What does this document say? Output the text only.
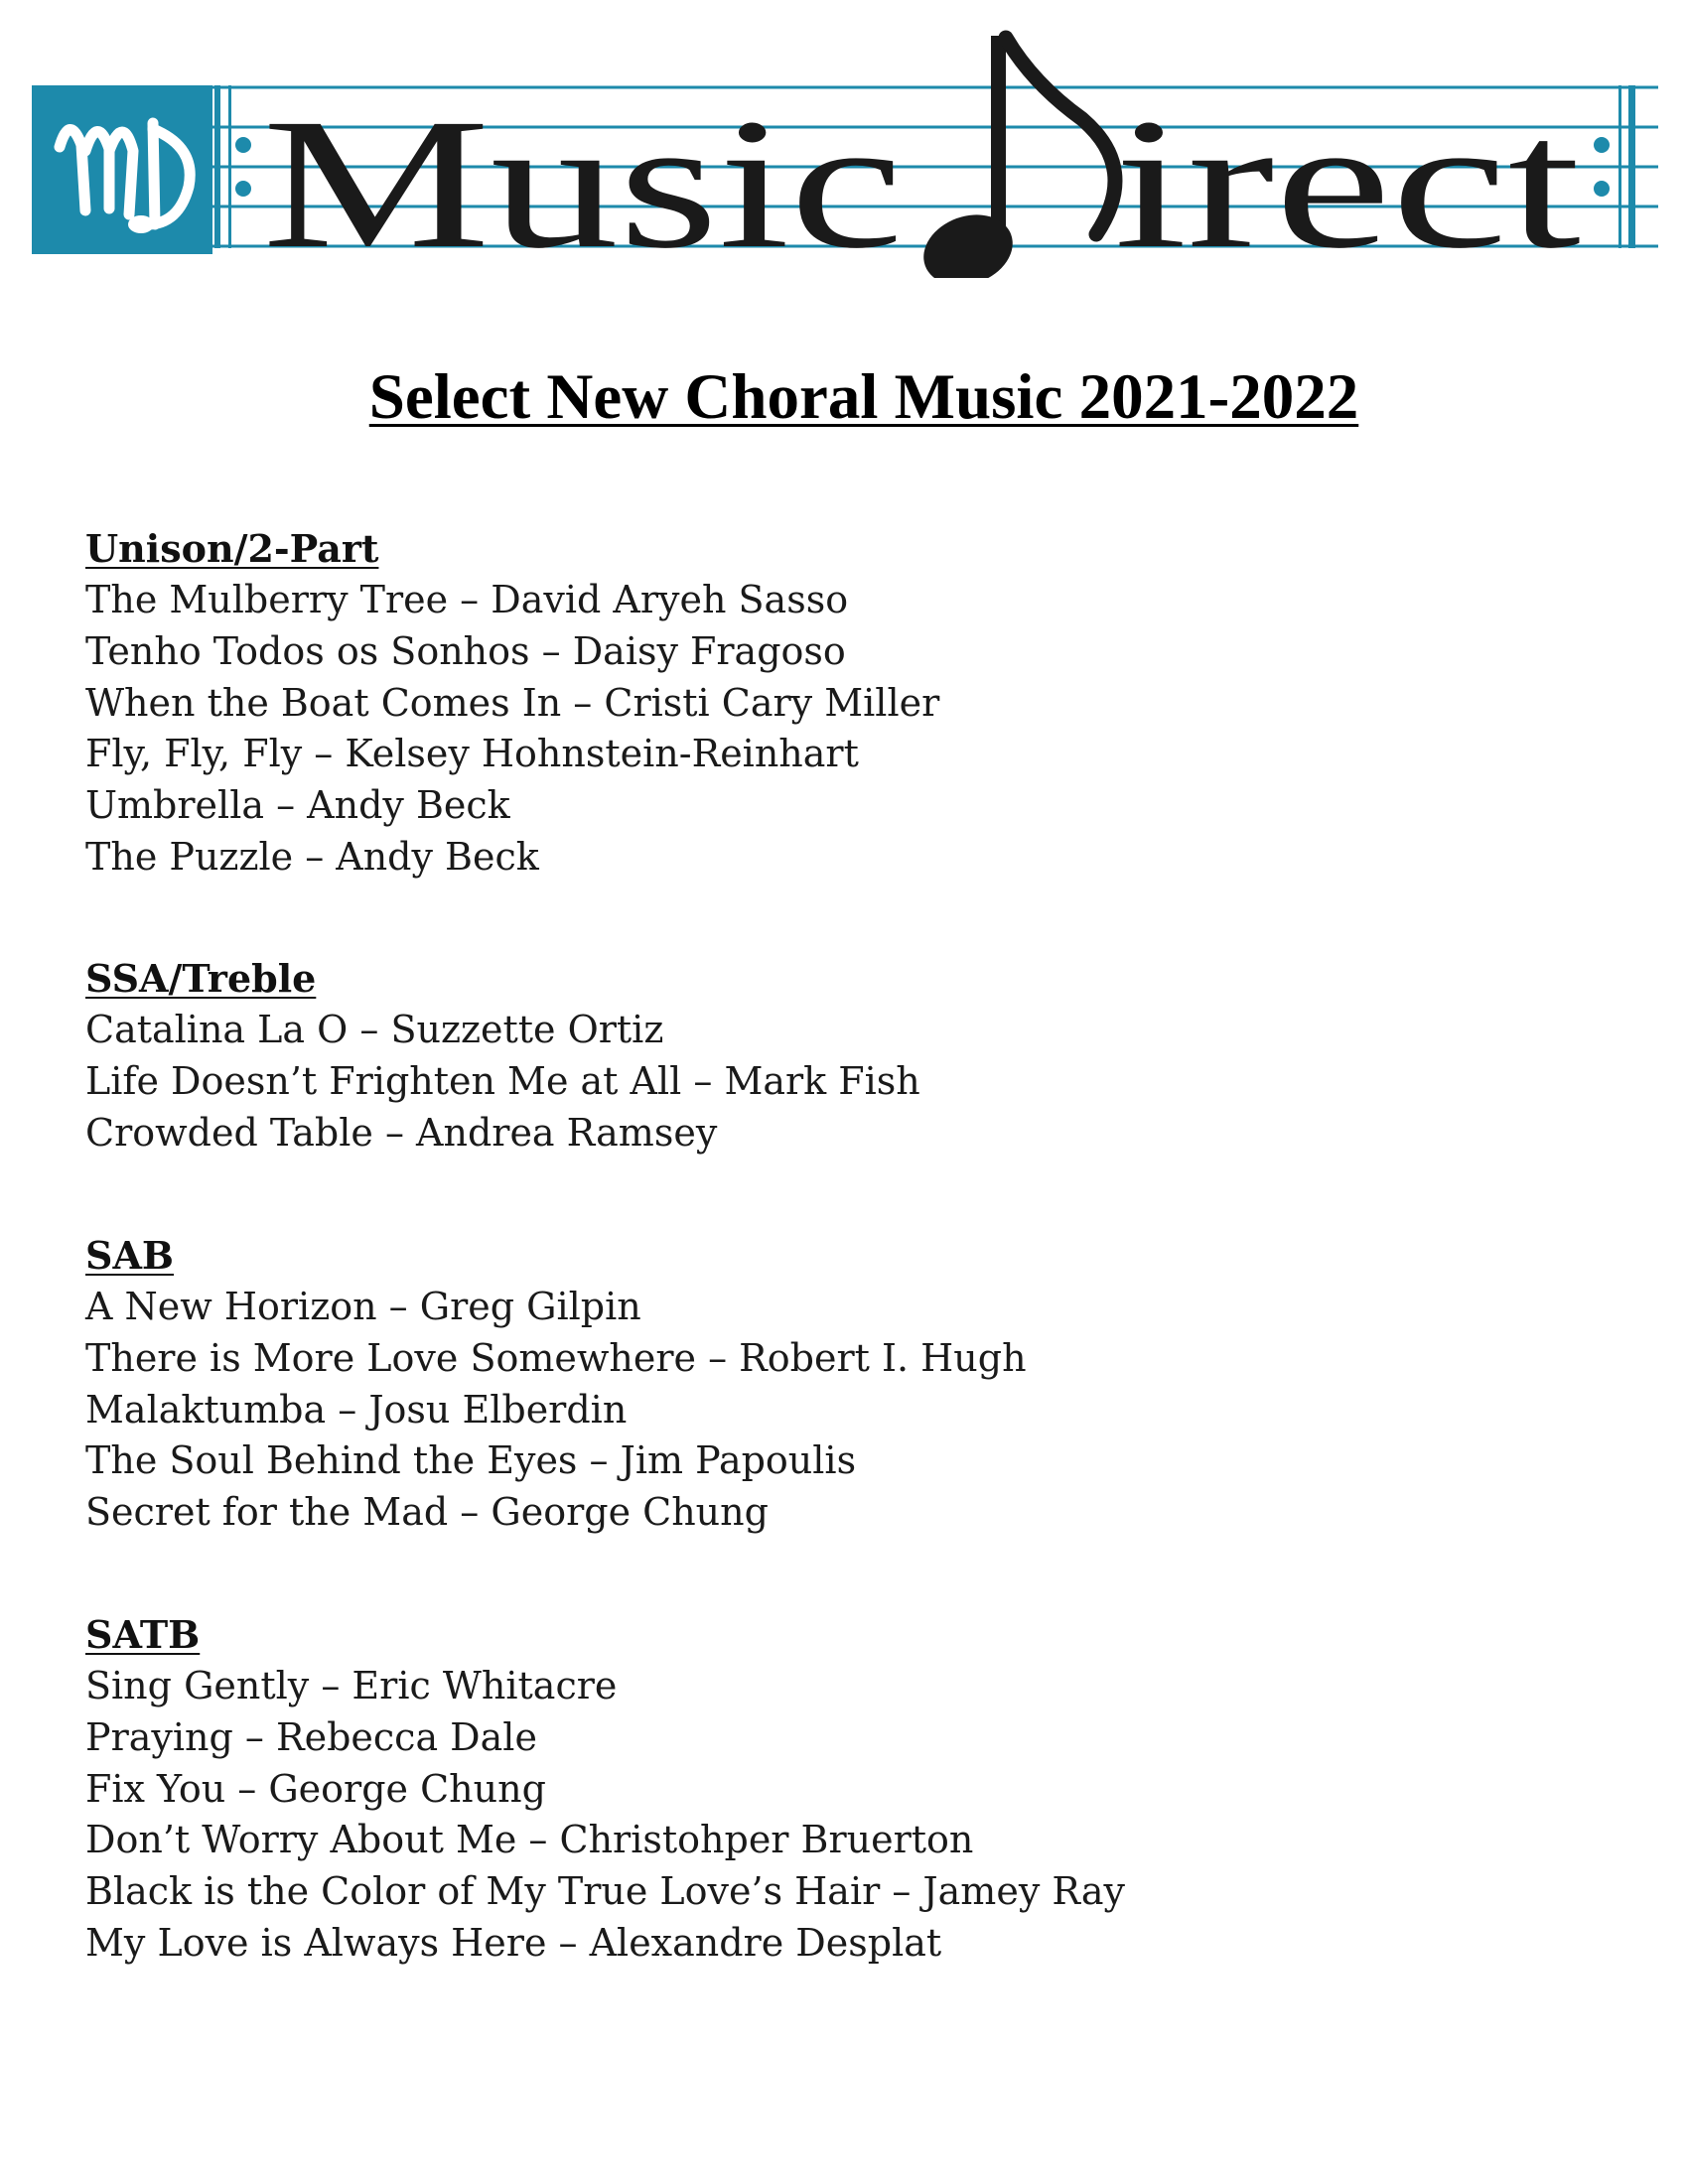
Music irect
Select New Choral Music 2021-2022
Unison/2-Part
The Mulberry Tree – David Aryeh Sasso
Tenho Todos os Sonhos – Daisy Fragoso
When the Boat Comes In – Cristi Cary Miller
Fly, Fly, Fly – Kelsey Hohnstein-Reinhart
Umbrella – Andy Beck
The Puzzle – Andy Beck
SSA/Treble
Catalina La O – Suzzette Ortiz
Life Doesn’t Frighten Me at All – Mark Fish
Crowded Table – Andrea Ramsey
SAB
A New Horizon – Greg Gilpin
There is More Love Somewhere – Robert I. Hugh
Malaktumba – Josu Elberdin
The Soul Behind the Eyes – Jim Papoulis
Secret for the Mad – George Chung
SATB
Sing Gently – Eric Whitacre
Praying – Rebecca Dale
Fix You – George Chung
Don’t Worry About Me – Christohper Bruerton
Black is the Color of My True Love’s Hair – Jamey Ray
My Love is Always Here – Alexandre Desplat
